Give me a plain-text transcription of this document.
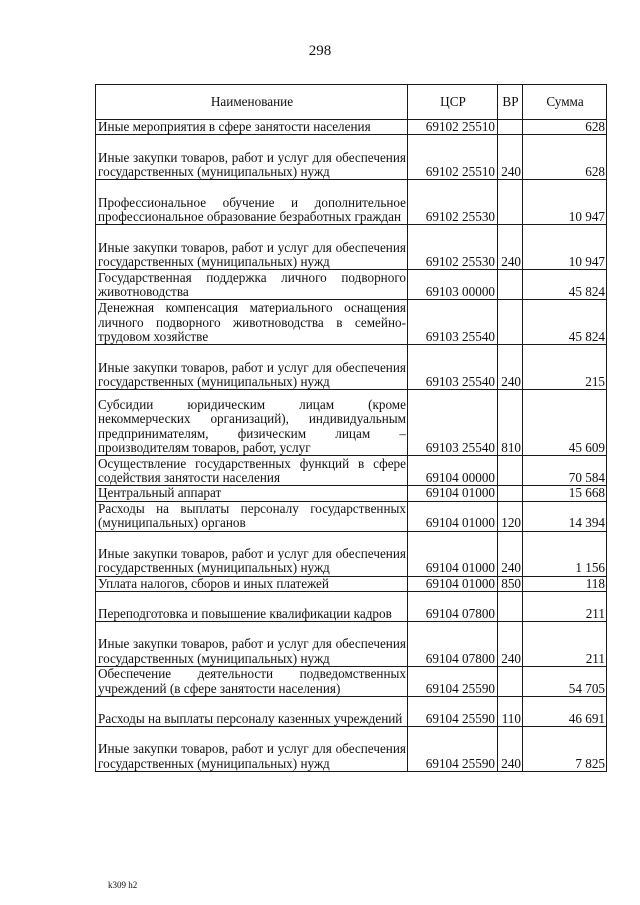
298
Наименование	ЦСР	ВР	Сумма
Иные мероприятия в сфере занятости населения	69102 25510		628
Иные закупки товаров, работ и услуг для обеспечения государственных (муниципальных) нужд	69102 25510	240	628
Профессиональное обучение и дополнительное профессиональное образование безработных граждан	69102 25530		10 947
Иные закупки товаров, работ и услуг для обеспечения государственных (муниципальных) нужд	69102 25530	240	10 947
Государственная поддержка личного подворного животноводства	69103 00000		45 824
Денежная компенсация материального оснащения личного подворного животноводства в семейно-трудовом хозяйстве	69103 25540		45 824
Иные закупки товаров, работ и услуг для обеспечения государственных (муниципальных) нужд	69103 25540	240	215
Субсидии юридическим лицам (кроме некоммерческих организаций), индивидуальным предпринимателям, физическим лицам – производителям товаров, работ, услуг	69103 25540	810	45 609
Осуществление государственных функций в сфере содействия занятости населения	69104 00000		70 584
Центральный аппарат	69104 01000		15 668
Расходы на выплаты персоналу государственных (муниципальных) органов	69104 01000	120	14 394
Иные закупки товаров, работ и услуг для обеспечения государственных (муниципальных) нужд	69104 01000	240	1 156
Уплата налогов, сборов и иных платежей	69104 01000	850	118
Переподготовка и повышение квалификации кадров	69104 07800		211
Иные закупки товаров, работ и услуг для обеспечения государственных (муниципальных) нужд	69104 07800	240	211
Обеспечение деятельности подведомственных учреждений (в сфере занятости населения)	69104 25590		54 705
Расходы на выплаты персоналу казенных учреждений	69104 25590	110	46 691
Иные закупки товаров, работ и услуг для обеспечения государственных (муниципальных) нужд	69104 25590	240	7 825
k309 h2
